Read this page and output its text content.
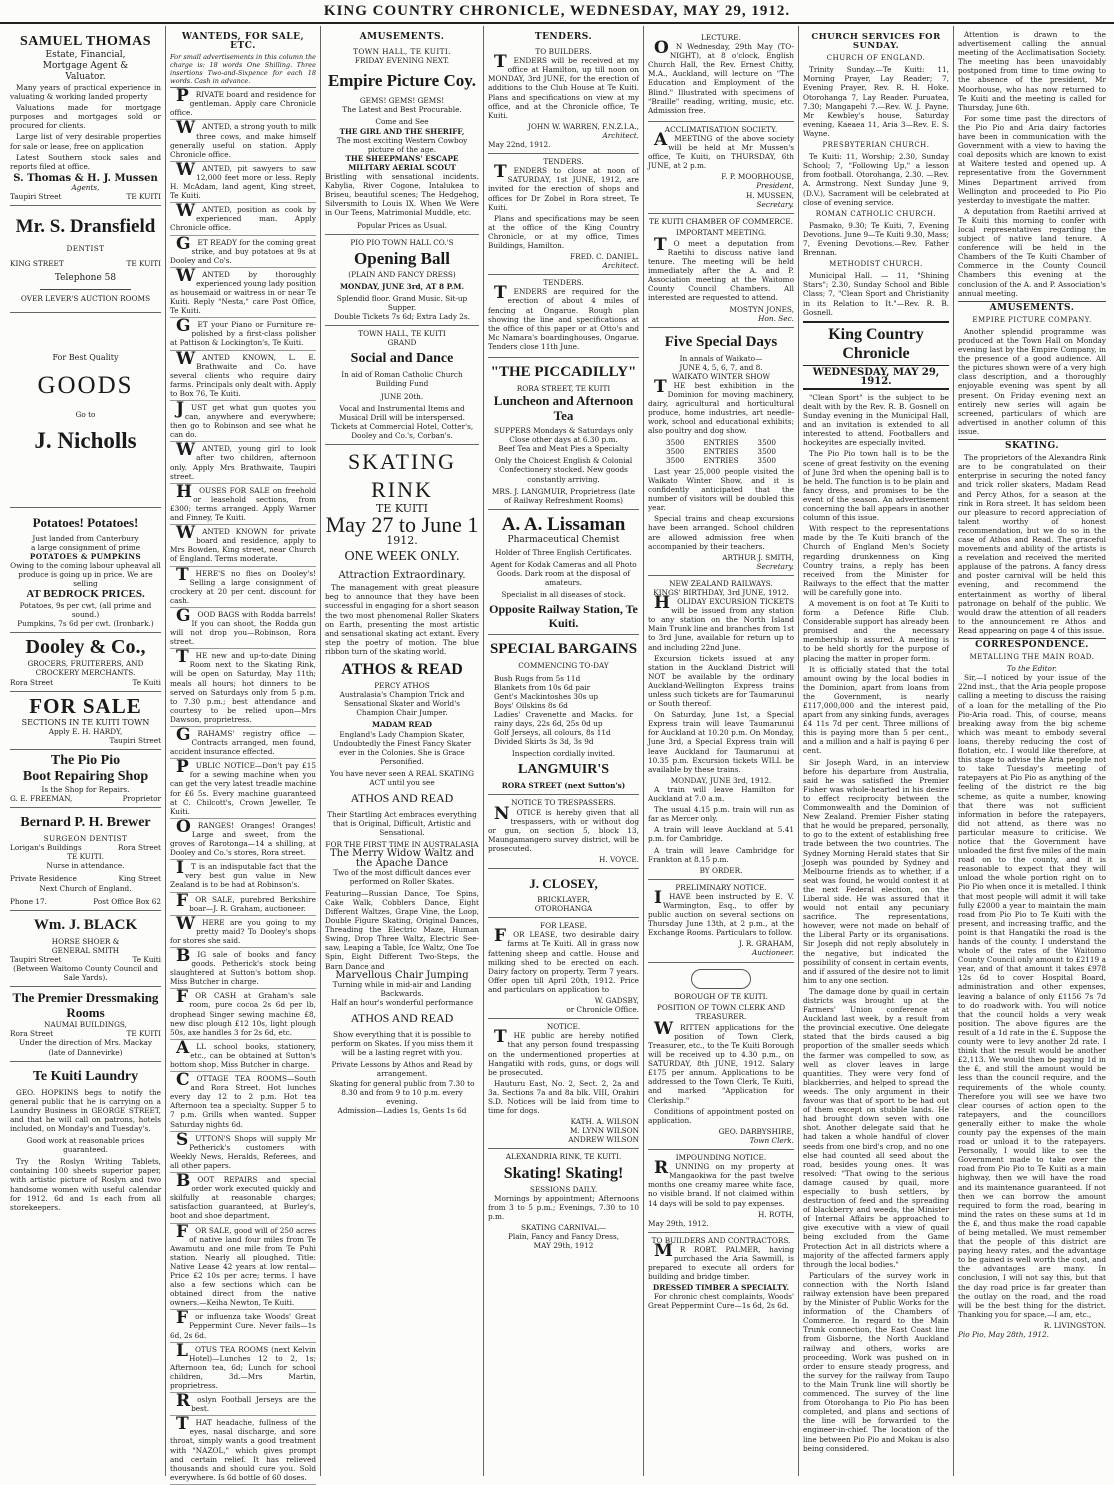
KING COUNTRY CHRONICLE, WEDNESDAY, MAY 29, 1912.
SAMUEL THOMAS
Estate, Financial,
Mortgage Agent &
Valuator.

Many years of practical experience in valuating & working landed property

Valuations made for mortgage purposes and mortgages sold or procured for clients.

Large list of very desirable properties for sale or lease, free on application

Latest Southern stock sales and reports filed at office.

S. Thomas & H. J. Mussen
Agents,
Taupiri Street	TE KUITI
Mr. S. Dransfield
DENTIST
KING STREET	TE KUITI
Telephone 58
OVER LEVER'S AUCTION ROOMS
For Best Quality
GOODS
Go to
J. Nicholls
Potatoes! Potatoes!
Just landed from Canterbury
a large consignment of prime
POTATOES & PUMPKINS
Owing to the coming labour upheaval all produce is going up in price. We are selling
AT BEDROCK PRICES.
Potatoes, 9s per cwt, (all prime and sound.)
Pumpkins, 7s 6d per cwt. (Ironbark.)
Dooley & Co.,
GROCERS, FRUITERERS, AND
CROCKERY MERCHANTS.
Rora Street	Te Kuiti
FOR SALE
SECTIONS IN TE KUITI TOWN
Apply E. H. HARDY,
Taupiri Street
The Pio Pio
Boot Repairing Shop
Is the Shop for Repairs.
G. E. FREEMAN,	Proprietor
Bernard P. H. Brewer
SURGEON DENTIST
Lorigan's Buildings	Rora Street
TE KUITI.
Nurse in attendance.
Private Residence	King Street
Next Church of England.
Phone 17.	Post Office Box 62
Wm. J. BLACK
HORSE SHOER &
GENERAL SMITH
Taupiri Street	Te Kuiti
(Between Waitomo County Council and Sale Yards).
The Premier Dressmaking
Rooms
NAUMAI BUILDINGS,
Rora Street	TE KUITI
Under the direction of Mrs. Mackay (late of Dannevirke)
Te Kuiti Laundry

GEO. HOPKINS begs to notify the general public that he is carrying on a Laundry Business in GEORGE STREET, and that he will call on patrons, hotels included, on Monday's and Tuesday's.

Good work at reasonable prices guaranteed.

Try the Roslyn Writing Tablets, containing 100 sheets superior paper, with artistic picture of Roslyn and two handsome women with useful calendar for 1912. 6d and 1s each from all storekeepers.

WANTEDS, FOR SALE, ETC.
For small advertisements in this column the charge is: 18 words One Shilling. Three insertions Two-and-Sixpence for each 18 words. Cash in advance.

PRIVATE board and residence for gentleman. Apply care Chronicle office.

WANTED, a strong youth to milk three cows, and make himself generally useful on station. Apply Chronicle office.

WANTED, pit sawyers to saw 12,000 feet more or less. Reply H. McAdam, land agent, King street, Te Kuiti.

WANTED, position as cook by experienced man. Apply Chronicle office.

GET READY for the coming great strike, and buy potatoes at 9s at Dooley and Co's.

WANTED by thoroughly experienced young lady position as housemaid or waitress in or near Te Kuiti. Reply "Nesta," care Post Office, Te Kuiti.

GET your Piano or Furniture re-polished by a first-class polisher at Pattison & Lockington's, Te Kuiti.

WANTED KNOWN, L. E. Brathwaite and Co. have several clients who require dairy farms. Principals only dealt with. Apply to Box 76, Te Kuiti.

JUST get what gun quotes you can, anywhere and everywhere; then go to Robinson and see what he can do.

WANTED, young girl to look after two children, afternoon only. Apply Mrs Brathwaite, Taupiri street.

HOUSES FOR SALE on freehold or leasehold sections, from £300; terms arranged. Apply Warner and Finney, Te Kuiti.

WANTED KNOWN for private board and residence, apply to Mrs Bowden, King street, near Church of England. Terms moderate.

THERE'S no flies on Dooley's! Selling a large consignment of crockery at 20 per cent. discount for cash.

GOOD BAGS with Rodda barrels! If you can shoot, the Rodda gun will not drop you—Robinson, Rora street.

THE new and up-to-date Dining Room next to the Skating Rink, will be open on Saturday, May 11th; meals all hours; hot dinners to be served on Saturdays only from 5 p.m. to 7.30 p.m.; best attendance and courtesy to be relied upon—Mrs Dawson, proprietress.

GRAHAMS' registry office — Contracts arranged, men found, accident insurance effected.

PUBLIC NOTICE—Don't pay £15 for a sewing machine when you can get the very latest treadle machine for £6 5s. Every machine guaranteed at C. Chilcott's, Crown Jeweller, Te Kuiti.

ORANGES! Oranges! Oranges! Large and sweet, from the groves of Rarotonga—14 a shilling, at Dooley and Co.'s stores, Rora street.

IT is an indisputable fact that the very best gun value in New Zealand is to be had at Robinson's.

FOR SALE, purebred Berkshire boar—J. R. Graham, auctioneer.

WHERE are you going to my pretty maid? To Dooley's shops for stores she said.

BIG sale of books and fancy goods. Petherick's stock being slaughtered at Sutton's bottom shop. Miss Butcher in charge.

FOR CASH at Graham's sale room, pure cocoa 2s 6d per lb, drophead Singer sewing machine £8, new disc plough £12 10s, light plough 50s, axe handles 3 for 2s 6d, etc.

ALL school books, stationery, etc., can be obtained at Sutton's bottom shop. Miss Butcher in charge.

COTTAGE TEA ROOMS—South and Rora Street. Hot lunches every day 12 to 2 p.m. Hot tea Afternoon tea a specialty. Supper 5 to 7 p.m. Grills when wanted. Supper Saturday nights 6d.

SUTTON'S Shops will supply Mr Petherick's customers with Weekly News, Heralds, Referees, and all other papers.

BOOT REPAIRS and special order work executed quickly and skilfully at reasonable charges; satisfaction guaranteed, at Burley's, boot and shoe department.

FOR SALE, good will of 250 acres of native land four miles from Te Awamutu and one mile from Te Puhi station. Nearly all ploughed. Title: Native Lease 42 years at low rental—Price £2 10s per acre; terms. I have also a few sections which can be obtained direct from the native owners.—Keiha Newton, Te Kuiti.

For influenza take Woods' Great Peppermint Cure. Never fails—1s 6d, 2s 6d.

LOTUS TEA ROOMS (next Kelvin Hotel)—Lunches 12 to 2, 1s; Afternoon tea, 6d; Lunch for school children, 3d.—Mrs Martin, proprietress.

Roslyn Football Jerseys are the best.

THAT headache, fullness of the eyes, nasal discharge, and sore throat, simply wants a good treatment with "NAZOL," which gives prompt and certain relief. It has relieved thousands and should cure you. Sold everywhere. Is 6d bottle of 60 doses.

AMUSEMENTS.
TOWN HALL, TE KUITI.
FRIDAY EVENING NEXT.
Empire Picture Coy.
GEMS! GEMS! GEMS!
The Latest and Best Procurable.
Come and See
THE GIRL AND THE SHERIFF,
The most exciting Western Cowboy picture of the age.
THE SHEEPMANS' ESCAPE
MILITARY AERIAL SCOUT
Bristling with sensational incidents. Kabylia, River Cogone, Intalukea to Briseu, beautiful scenes; The Hedgehog, Silversmith to Louis IX. When We Were in Our Teens, Matrimonial Muddle, etc.
Popular Prices as Usual.
PIO PIO TOWN HALL CO.'S
Opening Ball
(PLAIN AND FANCY DRESS)
MONDAY, JUNE 3rd, AT 8 P.M.
Splendid floor. Grand Music. Sit-up Supper.
Double Tickets 7s 6d; Extra Lady 2s.
TOWN HALL, TE KUITI
GRAND
Social and Dance
In aid of Roman Catholic Church Building Fund
JUNE 20th.
Vocal and Instrumental Items and Musical Drill will be interspersed.
Tickets at Commercial Hotel, Cotter's, Dooley and Co.'s, Corban's.
SKATING RINK
TE KUITI
May 27 to June 1
1912.
ONE WEEK ONLY.
Attraction Extraordinary.

The management with great pleasure beg to announce that they have been successful in engaging for a short season the two most phenomenal Roller Skaters on Earth, presenting the most artistic and sensational skating act extant. Every step the poetry of motion. The blue ribbon turn of the skating world.

ATHOS & READ
PERCY ATHOS
Australasia's Champion Trick and Sensational Skater and World's Champion Chair Jumper.
MADAM READ
England's Lady Champion Skater, Undoubtedly the Finest Fancy Skater ever in the Colonies. She is Grace Personified.
You have never seen A REAL SKATING ACT until you see
ATHOS AND READ
Their Startling Act embraces everything that is Original, Difficult, Artistic and Sensational.
FOR THE FIRST TIME IN AUSTRALASIA
The Merry Widow Waltz and the Apache Dance
Two of the most difficult dances ever performed on Roller Skates.
Featuring—Russian Dance, Toe Spins, Cake Walk, Cobblers Dance, Eight Different Waltzes, Grape Vine, the Loop, Double Figure Skating, Original Dances, Threading the Electric Maze, Human Swing, Drop Three Waltz, Electric See-saw, Leaping a Table, Ice Waltz, One Toe Spin, Eight Different Two-Steps, the Barn Dance and
Marvellous Chair Jumping
Turning while in mid-air and Landing Backwards.
Half an hour's wonderful performance
ATHOS AND READ
Show everything that it is possible to perform on Skates. If you miss them it will be a lasting regret with you.
Private Lessons by Athos and Read by arrangement.
Skating for general public from 7.30 to 8.30 and from 9 to 10 p.m. every evening.
Admission—Ladies 1s, Gents 1s 6d
TENDERS.
TO BUILDERS.

TENDERS will be received at my office at Hamilton, up till noon on MONDAY, 3rd JUNE, for the erection of additions to the Club House at Te Kuiti. Plans and specifications on view at my office, and at the Chronicle office, Te Kuiti.

JOHN W. WARREN, F.N.Z.I.A.,
Architect.
May 22nd, 1912.
TENDERS.

TENDERS to close at noon of SATURDAY, 1st JUNE, 1912, are invited for the erection of shops and offices for Dr Zobel in Rora street, Te Kuiti.

Plans and specifications may be seen at the office of the King Country Chronicle, or at my office, Times Buildings, Hamilton.

FRED. C. DANIEL.
Architect.
TENDERS.

TENDERS are required for the erection of about 4 miles of fencing at Ongarue. Rough plan showing the line and specifications at the office of this paper or at Otto's and Mc Namara's boardinghouses, Ongarue. Tenders close 11th June.

"THE PICCADILLY"
RORA STREET, TE KUITI
Luncheon and Afternoon Tea
SUPPERS Mondays & Saturdays only
Close other days at 6.30 p.m.
Beef Tea and Meat Pies a Specialty
Only the Choicest English & Colonial Confectionery stocked. New goods constantly arriving.
MRS. J. LANGMUIR, Proprietress (late of Railway Refreshment Rooms)
A. A. Lissaman
Pharmaceutical Chemist
Holder of Three English Certificates.
Agent for Kodak Cameras and all Photo Goods. Dark room at the disposal of amateurs.
Specialist in all diseases of stock.
Opposite Railway Station, Te Kuiti.
SPECIAL BARGAINS
COMMENCING TO-DAY

Bush Rugs from 5s 11d

Blankets from 10s 6d pair

Gent's Mackintoshes 30s up

Boys' Oilskins 8s 6d

Ladies' Cravenette and Macks. for rainy days, 22s 6d, 25s 0d up

Golf Jerseys, all colours, 8s 11d

Divided Skirts 3s 3d, 3s 9d

Inspection cordially invited.
LANGMUIR'S
RORA STREET (next Sutton's)
NOTICE TO TRESPASSERS.

NOTICE is hereby given that all trespassers, with or without dog or gun, on section 5, block 13, Maungamangero survey district, will be prosecuted.

H. VOYCE.
J. CLOSEY,
BRICKLAYER,
OTOROHANGA
FOR LEASE.

FOR LEASE, two desirable dairy farms at Te Kuiti. All in grass now fattening sheep and cattle. House and milking shed to be erected on each. Dairy factory on property. Term 7 years. Offer open till April 20th, 1912. Price and particulars on application to

W. GADSBY,
or Chronicle Office.
NOTICE.

THE public are hereby notified that any person found trespassing on the undermentioned properties at Hangatiki with rods, guns, or dogs will be prosecuted.

Hauturu East, No. 2, Sect. 2, 2a and 3a. Sections 7a and 8a blk. VIII, Orahiri S.D. Notices will be laid from time to time for dogs.

KATH. A. WILSON
M. LYNN WILSON
ANDREW WILSON
ALEXANDRIA RINK, TE KUITI.
Skating! Skating!
SESSIONS DAILY.

Mornings by appointment; Afternoons from 3 to 5 p.m.; Evenings, 7.30 to 10 p.m.

SKATING CARNIVAL—
Plain, Fancy and Fancy Dress,
MAY 29th, 1912
LECTURE.

ON Wednesday, 29th May (TO-NIGHT), at 8 o'clock, English Church Hall, the Rev. Ernest Chitty, M.A., Auckland, will lecture on "The Education and Employment of the Blind." Illustrated with specimens of "Braille" reading, writing, music, etc. Admission free.

ACCLIMATISATION SOCIETY.

AMEETING of the above society will be held at Mr Mussen's office, Te Kuiti, on THURSDAY, 6th JUNE, at 2 p.m.

F. P. MOORHOUSE,
President,
H. MUSSEN,
Secretary.
TE KUITI CHAMBER OF COMMERCE.
IMPORTANT MEETING.

TO meet a deputation from Raetihi to discuss native land tenure. The meeting will be held immediately after the A. and P. Association meeting at the Waitomo County Council Chambers. All interested are requested to attend.

MOSTYN JONES,
Hon. Sec.
Five Special Days
In annals of Waikato—
JUNE 4, 5, 6, 7, and 8.
WAIKATO WINTER SHOW

THE best exhibition in the Dominion for moving machinery, dairy, agricultural and horticultural produce, home industries, art needle-work, school and educational exhibits; also poultry and dog show.

3500	ENTRIES	3500
3500	ENTRIES	3500
3500	ENTRIES	3500

Last year 25,000 people visited the Waikato Winter Show, and it is confidently anticipated that the number of visitors will be doubled this year.

Special trains and cheap excursions have been arranged. School children are allowed admission free when accompanied by their teachers.

ARTHUR J. SMITH,
Secretary.
NEW ZEALAND RAILWAYS.
KINGS' BIRTHDAY, 3rd JUNE, 1912.

HOLIDAY EXCURSION TICKETS will be issued from any station to any station on the North Island Main Trunk line and branches from 1st to 3rd June, available for return up to and including 22nd June.

Excursion tickets issued at any station in the Auckland District will NOT be available by the ordinary Auckland-Wellington Express trains unless such tickets are for Taumarunui or South thereof.

On Saturday, June 1st, a Special Express train will leave Taumarunui for Auckland at 10.20 p.m. On Monday, June 3rd, a Special Express train will leave Auckland for Taumarunui at 10.35 p.m. Excursion tickets WILL be available by these trains.

MONDAY, JUNE 3rd, 1912.

A train will leave Hamilton for Auckland at 7.0 a.m.

The usual 4.15 p.m. train will run as far as Mercer only.

A train will leave Auckland at 5.41 p.m. for Cambridge.

A train will leave Cambridge for Frankton at 8.15 p.m.

BY ORDER.
PRELIMINARY NOTICE.

IHAVE been instructed by E. V. Warmington, Esq., to offer by public auction on several sections on Thursday June 13th, at 2 p.m., at the Exchange Rooms. Particulars to follow.

J. R. GRAHAM,
Auctioneer.
BOROUGH OF TE KUITI.
POSITION OF TOWN CLERK AND TREASURER.

WRITTEN applications for the position of Town Clerk, Treasurer, etc., to the Te Kuiti Borough will be received up to 4.30 p.m., on SATURDAY, 8th JUNE, 1912. Salary £175 per annum. Applications to be addressed to the Town Clerk, Te Kuiti, and marked "Application for Clerkship."

Conditions of appointment posted on application.

GEO. DARBYSHIRE,
Town Clerk.
IMPOUNDING NOTICE.

RUNNING on my property at Mangaokiwa for the past twelve months one creamy maree white face, no visible brand. If not claimed within 14 days will be sold to pay expenses.

H. ROTH,
May 29th, 1912.
TO BUILDERS AND CONTRACTORS.

MR ROBT. PALMER, having purchased the Aria Sawmill, is prepared to execute all orders for building and bridge timber.

DRESSED TIMBER A SPECIALTY.

For chronic chest complaints, Woods' Great Peppermint Cure—1s 6d, 2s 6d.

CHURCH SERVICES FOR SUNDAY.
CHURCH OF ENGLAND.

Trinity Sunday.—Te Kuiti: 11, Morning Prayer, Lay Reader; 7, Evening Prayer, Rev. R. H. Hoke. Otorohanga 7, Lay Reader. Puruatea, 7.30; Mangapehi 7.—Rev. W. J. Payne. Mr Kewbley's house, Saturday evening, Kaeaea 11, Aria 3—Rev. E. S. Wayne.

PRESBYTERIAN CHURCH.

Te Kuiti: 11, Worship; 2.30, Sunday School; 7, "Following Up," a lesson from football. Otorohanga, 2.30. —Rev. A. Armstrong. Next Sunday June 9, (D.V.), Sacrament will be celebrated at close of evening service.

ROMAN CATHOLIC CHURCH.

Pasmako, 9.30; Te Kuiti, 7, Evening Devotions. June 9—Te Kuiti 9.30, Mass; 7, Evening Devotions.—Rev. Father Brennan.

METHODIST CHURCH.

Municipal Hall. — 11, "Shining Stars"; 2.30, Sunday School and Bible Class; 7, "Clean Sport and Christianity in its Relation to It."—Rev. R. B. Gosnell.

King Country Chronicle
WEDNESDAY, MAY 29, 1912.

"Clean Sport" is the subject to be dealt with by the Rev. R. B. Gosnell on Sunday evening in the Municipal Hall, and an invitation is extended to all interested to attend. Footballers and hockeyites are especially invited.

The Pio Pio town hall is to be the scene of great festivity on the evening of June 3rd when the opening ball is to be held. The function is to be plain and fancy dress, and promises to be the event of the season. An advertisement concerning the ball appears in another column of this issue.

With respect to the representations made by the Te Kuiti branch of the Church of England Men's Society regarding drunkenness on King Country trains, a reply has been received from the Minister for Railways to the effect that the matter will be carefully gone into.

A movement is on foot at Te Kuiti to form a Defence Rifle Club. Considerable support has already been promised and the necessary membership is assured. A meeting is to be held shortly for the purpose of placing the matter in proper form.

It is officially stated that the total amount owing by the local bodies in the Dominion, apart from loans from the Government, is nearly £117,000,000 and the interest paid, apart from any sinking funds, averages £4 11s 7d per cent. Three millions of this is paying more than 5 per cent., and a million and a half is paying 6 per cent.

Sir Joseph Ward, in an interview before his departure from Australia, said he was satisfied the Premier Fisher was whole-hearted in his desire to effect reciprocity between the Commonwealth and the Dominion of New Zealand. Premier Fisher stating that he would be prepared, personally, to go to the extent of establishing free trade between the two countries. The Sydney Morning Herald states that Sir Joseph was pounded by Sydney and Melbourne friends as to whether, if a seat was found, he would contest it at the next Federal election, on the Liberal side. He was assured that it would not entail any pecuniary sacrifice. The representations, however, were not made on behalf of the Liberal Party or its organisations. Sir Joseph did not reply absolutely in the negative, but indicated the possibility of consent in certain events, and if assured of the desire not to limit him to any one section.

The damage done by quail in certain districts was brought up at the Farmers' Union conference at Auckland last week, by a result from the provincial executive. One delegate stated that the birds caused a big proportion of the smaller seeds which the farmer was compelled to sow, as well as clover leaves in large quantities. They were very fond of blackberries, and helped to spread the weeds. The only argument in their favour was that of sport to be had out of them except on stubble lands. He had brought down seven with one shot. Another delegate said that he had taken a whole handful of clover seeds from one bird's crop, and no one else had counted all seed about the road, besides young ones. It was resolved: "That owing to the serious damage caused by quail, more especially to bush settlers, by destruction of feed and the spreading of blackberry and weeds, the Minister of Internal Affairs be approached to give executive with a view of quail being excluded from the Game Protection Act in all districts where a majority of the affected farmers apply through the local bodies."

Particulars of the survey work in connection with the North Island railway extension have been prepared by the Minister of Public Works for the information of the Chambers of Commerce. In regard to the Main Trunk connection, the East Coast line from Gisborne, the North Auckland railway and others, works are proceeding. Work was pushed on in order to ensure steady progress, and the survey for the railway from Taupo to the Main Trunk line will shortly be commenced. The survey of the line from Otorohanga to Pio Pio has been completed, and plans and sections of the line will be forwarded to the engineer-in-chief. The location of the line between Pio Pio and Mokau is also being considered.

Attention is drawn to the advertisement calling the annual meeting of the Acclimatisation Society. The meeting has been unavoidably postponed from time to time owing to the absence of the president, Mr Moorhouse, who has now returned to Te Kuiti and the meeting is called for Thursday, June 6th.

For some time past the directors of the Pio Pio and Aria dairy factories have been in communication with the Government with a view to having the coal deposits which are known to exist at Waitere tested and opened up. A representative from the Government Mines Department arrived from Wellington and proceeded to Pio Pio yesterday to investigate the matter.

A deputation from Raetihi arrived at Te Kuiti this morning to confer with local representatives regarding the subject of native land tenure. A conference will be held in the Chambers of the Te Kuiti Chamber of Commerce in the County Council Chambers this evening at the conclusion of the A. and P. Association's annual meeting.

AMUSEMENTS.
EMPIRE PICTURE COMPANY.

Another splendid programme was produced at the Town Hall on Monday evening last by the Empire Company, in the presence of a good audience. All the pictures shown were of a very high class description, and a thoroughly enjoyable evening was spent by all present. On Friday evening next an entirely new series will again be screened, particulars of which are advertised in another column of this issue.

SKATING.

The proprietors of the Alexandra Rink are to be congratulated on their enterprise in securing the noted fancy and trick roller skaters, Madam Read and Percy Athos, for a season at the rink in Rora street. It has seldom been our pleasure to record appreciation of talent worthy of honest recommendation, but we do so in the case of Athos and Read. The graceful movements and ability of the artists is a revelation and received the merited applause of the patrons. A fancy dress and poster carnival will be held this evening, and recommend the entertainment as worthy of liberal patronage on behalf of the public. We would draw the attention of all readers to the announcement re Athos and Read appearing on page 4 of this issue.

CORRESPONDENCE.
METALLING THE MAIN ROAD.
To the Editor.

Sir,—I noticed by your issue of the 22nd inst., that the Aria people propose calling a meeting to discuss the raising of a loan for the metalling of the Pio Pio-Aria road. This, of course, means breaking away from the big scheme which was meant to embody several loans, thereby reducing the cost of flotation, etc. I would like therefore, at this stage to advise the Aria people not to take Tuesday's meeting of ratepayers at Pio Pio as anything of the feeling of the district re the big scheme, as quite a number, knowing that there was not sufficient information in before the ratepayers, did not attend, as there was no particular measure to criticise. We notice that the Government have unloaded the first five miles of the main road on to the county, and it is reasonable to expect that they will unload the whole portion right on to Pio Pio when once it is metalled. I think that most people will admit it will take fully £2000 a year to maintain the main road from Pio Pio to Te Kuiti with the present, and increasing traffic, and the point is that Hangatiki the road is the hands of the county. I understand the whole of the rates of the Waitomo County Council only amount to £2119 a year, and of that amount it takes £978 12s 6d to cover Hospital Board, administration and other expenses, leaving a balance of only £1156 7s 7d to do roadwork with. You will notice that the council holds a very weak position. The above figures are the result of a 1d rate in the £. Suppose the county were to levy another 2d rate. I think that the result would be another £2,113. We would then be paying 1d in the £, and still the amount would be less than the council require, and the requirements of the whole county. Therefore you will see we have two clear courses of action open to the ratepayers, and the councillors generally either to make the whole county pay the expenses of the main road or unload it to the ratepayers. Personally, I would like to see the Government made to take over the road from Pio Pio to Te Kuiti as a main highway, then we will have the road and its maintenance guaranteed. If not then we can borrow the amount required to form the road, bearing in mind the rates on these sums at 1d in the £, and thus make the road capable of being metalled. We must remember that the people of this district are paying heavy rates, and the advantage to be gained is well worth the cost, and the advantages are many. In conclusion, I will not say this, but that the day road price is far greater than the outlay on the road, and the road will be the best thing for the district. Thanking you for space,—I am, etc.,

R. LIVINGSTON.
Pio Pio, May 28th, 1912.
